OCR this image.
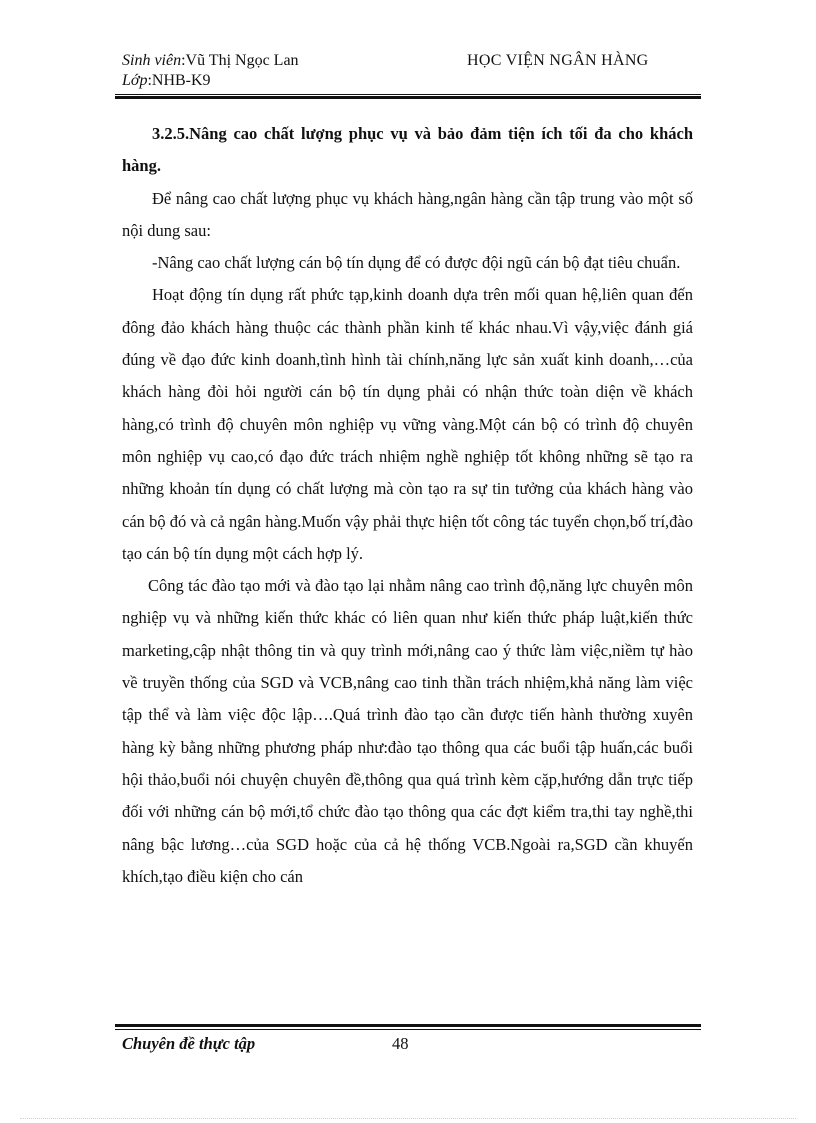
Sinh viên:Vũ Thị Ngọc Lan
Lớp:NHB-K9
HỌC VIỆN NGÂN HÀNG

3.2.5.Nâng cao chất lượng phục vụ và bảo đảm tiện ích tối đa cho khách hàng.

Để nâng cao chất lượng phục vụ khách hàng,ngân hàng cần tập trung vào một số nội dung sau:

-Nâng cao chất lượng cán bộ tín dụng để có được đội ngũ cán bộ đạt tiêu chuẩn.

Hoạt động tín dụng rất phức tạp,kinh doanh dựa trên mối quan hệ,liên quan đến đông đảo khách hàng thuộc các thành phần kinh tế khác nhau.Vì vậy,việc đánh giá đúng về đạo đức kinh doanh,tình hình tài chính,năng lực sản xuất kinh doanh,…của khách hàng đòi hỏi người cán bộ tín dụng phải có nhận thức toàn diện về khách hàng,có trình độ chuyên môn nghiệp vụ vững vàng.Một cán bộ có trình độ chuyên môn nghiệp vụ cao,có đạo đức trách nhiệm nghề nghiệp tốt không những sẽ tạo ra những khoản tín dụng có chất lượng mà còn tạo ra sự tin tưởng của khách hàng vào cán bộ đó và cả ngân hàng.Muốn vậy phải thực hiện tốt công tác tuyển chọn,bố trí,đào tạo cán bộ tín dụng một cách hợp lý.

Công tác đào tạo mới và đào tạo lại nhằm nâng cao trình độ,năng lực chuyên môn nghiệp vụ và những kiến thức khác có liên quan như kiến thức pháp luật,kiến thức marketing,cập nhật thông tin và quy trình mới,nâng cao ý thức làm việc,niềm tự hào về truyền thống của SGD và VCB,nâng cao tinh thần trách nhiệm,khả năng làm việc tập thể và làm việc độc lập….Quá trình đào tạo cần được tiến hành thường xuyên hàng kỳ bằng những phương pháp như:đào tạo thông qua các buổi tập huấn,các buổi hội thảo,buổi nói chuyện chuyên đề,thông qua quá trình kèm cặp,hướng dẫn trực tiếp đối với những cán bộ mới,tổ chức đào tạo thông qua các đợt kiểm tra,thi tay nghề,thi nâng bậc lương…của SGD hoặc của cả hệ thống VCB.Ngoài ra,SGD cần khuyến khích,tạo điều kiện cho cán

Chuyên đề thực tập	48
